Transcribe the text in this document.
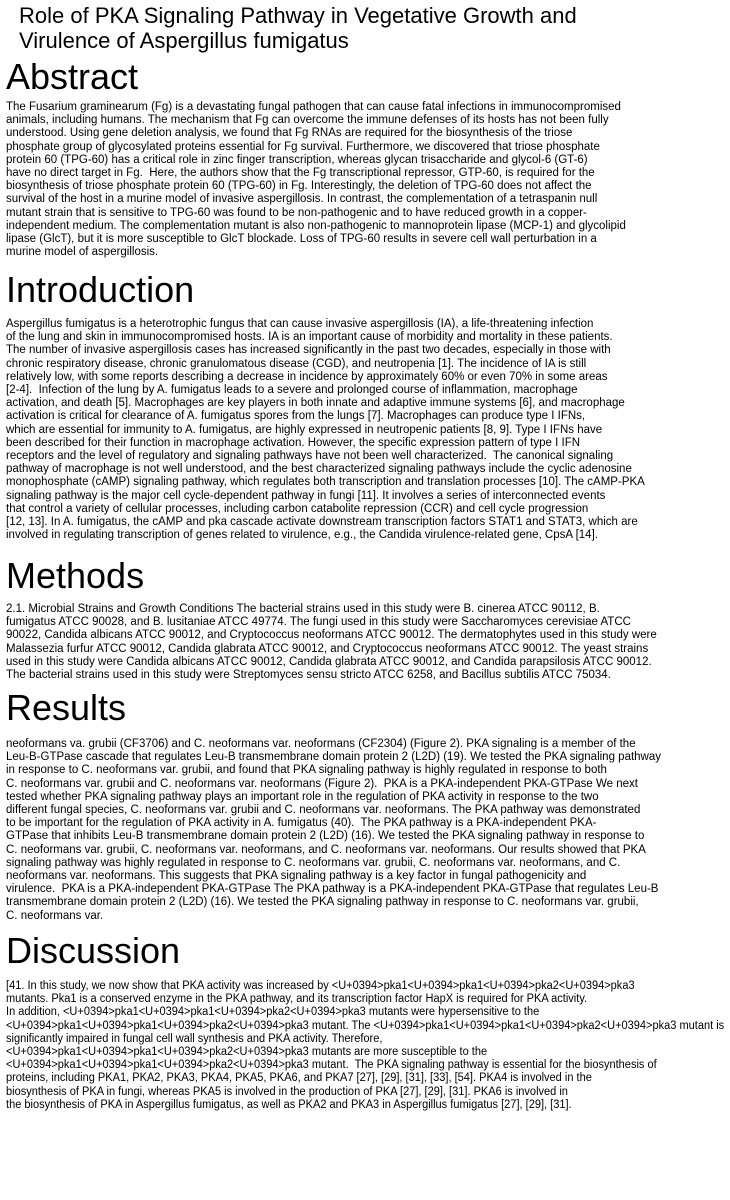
Role of PKA Signaling Pathway in Vegetative Growth and
Virulence of Aspergillus fumigatus
Abstract
The Fusarium graminearum (Fg) is a devastating fungal pathogen that can cause fatal infections in immunocompromised
animals, including humans. The mechanism that Fg can overcome the immune defenses of its hosts has not been fully
understood. Using gene deletion analysis, we found that Fg RNAs are required for the biosynthesis of the triose
phosphate group of glycosylated proteins essential for Fg survival. Furthermore, we discovered that triose phosphate
protein 60 (TPG-60) has a critical role in zinc finger transcription, whereas glycan trisaccharide and glycol-6 (GT-6)
have no direct target in Fg.  Here, the authors show that the Fg transcriptional repressor, GTP-60, is required for the
biosynthesis of triose phosphate protein 60 (TPG-60) in Fg. Interestingly, the deletion of TPG-60 does not affect the
survival of the host in a murine model of invasive aspergillosis. In contrast, the complementation of a tetraspanin null
mutant strain that is sensitive to TPG-60 was found to be non-pathogenic and to have reduced growth in a copper-
independent medium. The complementation mutant is also non-pathogenic to mannoprotein lipase (MCP-1) and glycolipid
lipase (GlcT), but it is more susceptible to GlcT blockade. Loss of TPG-60 results in severe cell wall perturbation in a
murine model of aspergillosis.
Introduction
Aspergillus fumigatus is a heterotrophic fungus that can cause invasive aspergillosis (IA), a life-threatening infection
of the lung and skin in immunocompromised hosts. IA is an important cause of morbidity and mortality in these patients.
The number of invasive aspergillosis cases has increased significantly in the past two decades, especially in those with
chronic respiratory disease, chronic granulomatous disease (CGD), and neutropenia [1]. The incidence of IA is still
relatively low, with some reports describing a decrease in incidence by approximately 60% or even 70% in some areas
[2-4].  Infection of the lung by A. fumigatus leads to a severe and prolonged course of inflammation, macrophage
activation, and death [5]. Macrophages are key players in both innate and adaptive immune systems [6], and macrophage
activation is critical for clearance of A. fumigatus spores from the lungs [7]. Macrophages can produce type I IFNs,
which are essential for immunity to A. fumigatus, are highly expressed in neutropenic patients [8, 9]. Type I IFNs have
been described for their function in macrophage activation. However, the specific expression pattern of type I IFN
receptors and the level of regulatory and signaling pathways have not been well characterized.  The canonical signaling
pathway of macrophage is not well understood, and the best characterized signaling pathways include the cyclic adenosine
monophosphate (cAMP) signaling pathway, which regulates both transcription and translation processes [10]. The cAMP-PKA
signaling pathway is the major cell cycle-dependent pathway in fungi [11]. It involves a series of interconnected events
that control a variety of cellular processes, including carbon catabolite repression (CCR) and cell cycle progression
[12, 13]. In A. fumigatus, the cAMP and pka cascade activate downstream transcription factors STAT1 and STAT3, which are
involved in regulating transcription of genes related to virulence, e.g., the Candida virulence-related gene, CpsA [14].
Methods
2.1. Microbial Strains and Growth Conditions The bacterial strains used in this study were B. cinerea ATCC 90112, B.
fumigatus ATCC 90028, and B. lusitaniae ATCC 49774. The fungi used in this study were Saccharomyces cerevisiae ATCC
90022, Candida albicans ATCC 90012, and Cryptococcus neoformans ATCC 90012. The dermatophytes used in this study were
Malassezia furfur ATCC 90012, Candida glabrata ATCC 90012, and Cryptococcus neoformans ATCC 90012. The yeast strains
used in this study were Candida albicans ATCC 90012, Candida glabrata ATCC 90012, and Candida parapsilosis ATCC 90012.
The bacterial strains used in this study were Streptomyces sensu stricto ATCC 6258, and Bacillus subtilis ATCC 75034.
Results
neoformans va. grubii (CF3706) and C. neoformans var. neoformans (CF2304) (Figure 2). PKA signaling is a member of the
Leu-B-GTPase cascade that regulates Leu-B transmembrane domain protein 2 (L2D) (19). We tested the PKA signaling pathway
in response to C. neoformans var. grubii, and found that PKA signaling pathway is highly regulated in response to both
C. neoformans var. grubii and C. neoformans var. neoformans (Figure 2).  PKA is a PKA-independent PKA-GTPase We next
tested whether PKA signaling pathway plays an important role in the regulation of PKA activity in response to the two
different fungal species, C. neoformans var. grubii and C. neoformans var. neoformans. The PKA pathway was demonstrated
to be important for the regulation of PKA activity in A. fumigatus (40).  The PKA pathway is a PKA-independent PKA-
GTPase that inhibits Leu-B transmembrane domain protein 2 (L2D) (16). We tested the PKA signaling pathway in response to
C. neoformans var. grubii, C. neoformans var. neoformans, and C. neoformans var. neoformans. Our results showed that PKA
signaling pathway was highly regulated in response to C. neoformans var. grubii, C. neoformans var. neoformans, and C.
neoformans var. neoformans. This suggests that PKA signaling pathway is a key factor in fungal pathogenicity and
virulence.  PKA is a PKA-independent PKA-GTPase The PKA pathway is a PKA-independent PKA-GTPase that regulates Leu-B
transmembrane domain protein 2 (L2D) (16). We tested the PKA signaling pathway in response to C. neoformans var. grubii,
C. neoformans var.
Discussion
[41. In this study, we now show that PKA activity was increased by <U+0394>pka1<U+0394>pka1<U+0394>pka2<U+0394>pka3
mutants. Pka1 is a conserved enzyme in the PKA pathway, and its transcription factor HapX is required for PKA activity.
In addition, <U+0394>pka1<U+0394>pka1<U+0394>pka2<U+0394>pka3 mutants were hypersensitive to the
<U+0394>pka1<U+0394>pka1<U+0394>pka2<U+0394>pka3 mutant. The <U+0394>pka1<U+0394>pka1<U+0394>pka2<U+0394>pka3 mutant is
significantly impaired in fungal cell wall synthesis and PKA activity. Therefore,
<U+0394>pka1<U+0394>pka1<U+0394>pka2<U+0394>pka3 mutants are more susceptible to the
<U+0394>pka1<U+0394>pka1<U+0394>pka2<U+0394>pka3 mutant.  The PKA signaling pathway is essential for the biosynthesis of
proteins, including PKA1, PKA2, PKA3, PKA4, PKA5, PKA6, and PKA7 [27], [29], [31], [33], [54]. PKA4 is involved in the
biosynthesis of PKA in fungi, whereas PKA5 is involved in the production of PKA [27], [29], [31]. PKA6 is involved in
the biosynthesis of PKA in Aspergillus fumigatus, as well as PKA2 and PKA3 in Aspergillus fumigatus [27], [29], [31].
